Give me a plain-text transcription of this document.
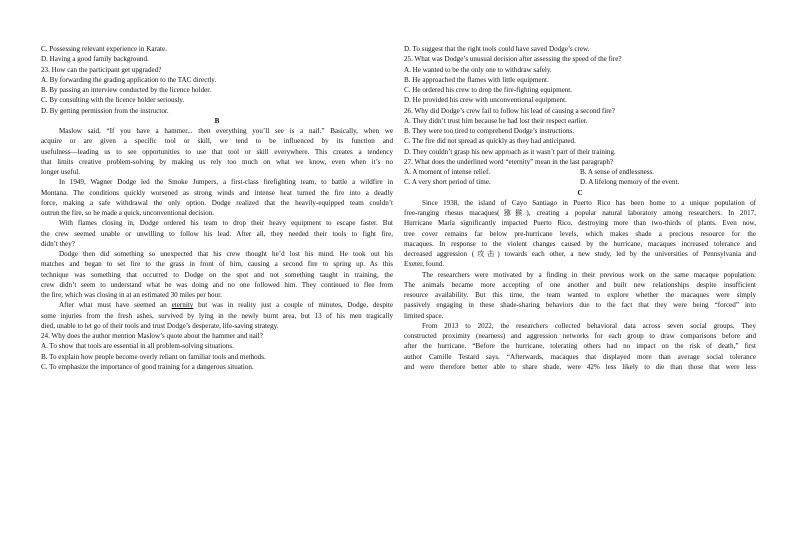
C. Possessing relevant experience in Karate.
D. Having a good family background.
23. How can the participant get upgraded?
A. By forwarding the grading application to the TAC directly.
B. By passing an interview conducted by the licence holder.
C. By consulting with the licence holder seriously.
D. By getting permission from the instructor.
B
Maslow said, “If you have a hammer... then everything you’ll see is a nail.” Basically, when we
acquire or are given a specific tool or skill, we tend to be influenced by its function and
usefulness—leading us to see opportunities to use that tool or skill everywhere. This creates a tendency
that limits creative problem-solving by making us rely too much on what we know, even when it’s no
longer useful.
In 1949, Wagner Dodge led the Smoke Jumpers, a first-class firefighting team, to battle a wildfire in
Montana. The conditions quickly worsened as strong winds and intense heat turned the fire into a deadly
force, making a safe withdrawal the only option. Dodge realized that the heavily-equipped team couldn’t
outrun the fire, so he made a quick, unconventional decision.
With flames closing in, Dodge ordered his team to drop their heavy equipment to escape faster. But
the crew seemed unable or unwilling to follow his lead. After all, they needed their tools to fight fire,
didn’t they?
Dodge then did something so unexpected that his crew thought he’d lost his mind. He took out his
matches and began to set fire to the grass in front of him, causing a second fire to spring up. As this
technique was something that occurred to Dodge on the spot and not something taught in training, the
crew didn’t seem to understand what he was doing and no one followed him. They continued to flee from
the fire, which was closing in at an estimated 30 miles per hour.
After what must have seemed an eternity but was in reality just a couple of minutes, Dodge, despite
some injuries from the fresh ashes, survived by lying in the newly burnt area, but 13 of his men tragically
died, unable to let go of their tools and trust Dodge’s desperate, life-saving strategy.
24. Why does the author mention Maslow’s quote about the hammer and nail?
A. To show that tools are essential in all problem-solving situations.
B. To explain how people become overly reliant on familiar tools and methods.
C. To emphasize the importance of good training for a dangerous situation.
D. To suggest that the right tools could have saved Dodge’s crew.
25. What was Dodge’s unusual decision after assessing the speed of the fire?
A. He wanted to be the only one to withdraw safely.
B. He approached the flames with little equipment.
C. He ordered his crew to drop the fire-fighting equipment.
D. He provided his crew with unconventional equipment.
26. Why did Dodge’s crew fail to follow his lead of causing a second fire?
A. They didn’t trust him because he had lost their respect earlier.
B. They were too tired to comprehend Dodge’s instructions.
C. The fire did not spread as quickly as they had anticipated.
D. They couldn’t grasp his new approach as it wasn’t part of their training.
27. What does the underlined word “eternity” mean in the last paragraph?
A. A moment of intense relief.	B. A sense of endlessness.
C. A very short period of time.	D. A lifelong memory of the event.
C
Since 1938, the island of Cayo Santiago in Puerto Rico has been home to a unique population of
free-ranging rhesus macaques(猕猴), creating a popular natural laboratory among researchers. In 2017,
Hurricane Maria significantly impacted Puerto Rico, destroying more than two-thirds of plants. Even now,
tree cover remains far below pre-hurricane levels, which makes shade a precious resource for the
macaques. In response to the violent changes caused by the hurricane, macaques increased tolerance and
decreased aggression (攻击) towards each other, a new study, led by the universities of Pennsylvania and
Exeter, found.
The researchers were motivated by a finding in their previous work on the same macaque population:
The animals became more accepting of one another and built new relationships despite insufficient
resource availability. But this time, the team wanted to explore whether the macaques were simply
passively engaging in these shade-sharing behaviors due to the fact that they were being “forced” into
limited space.
From 2013 to 2022, the researchers collected behavioral data across seven social groups. They
constructed proximity (nearness) and aggression networks for each group to draw comparisons before and
after the hurricane. “Before the hurricane, tolerating others had no impact on the risk of death,” first
author Camille Testard says. “Afterwards, macaques that displayed more than average social tolerance
and were therefore better able to share shade, were 42% less likely to die than those that were less
